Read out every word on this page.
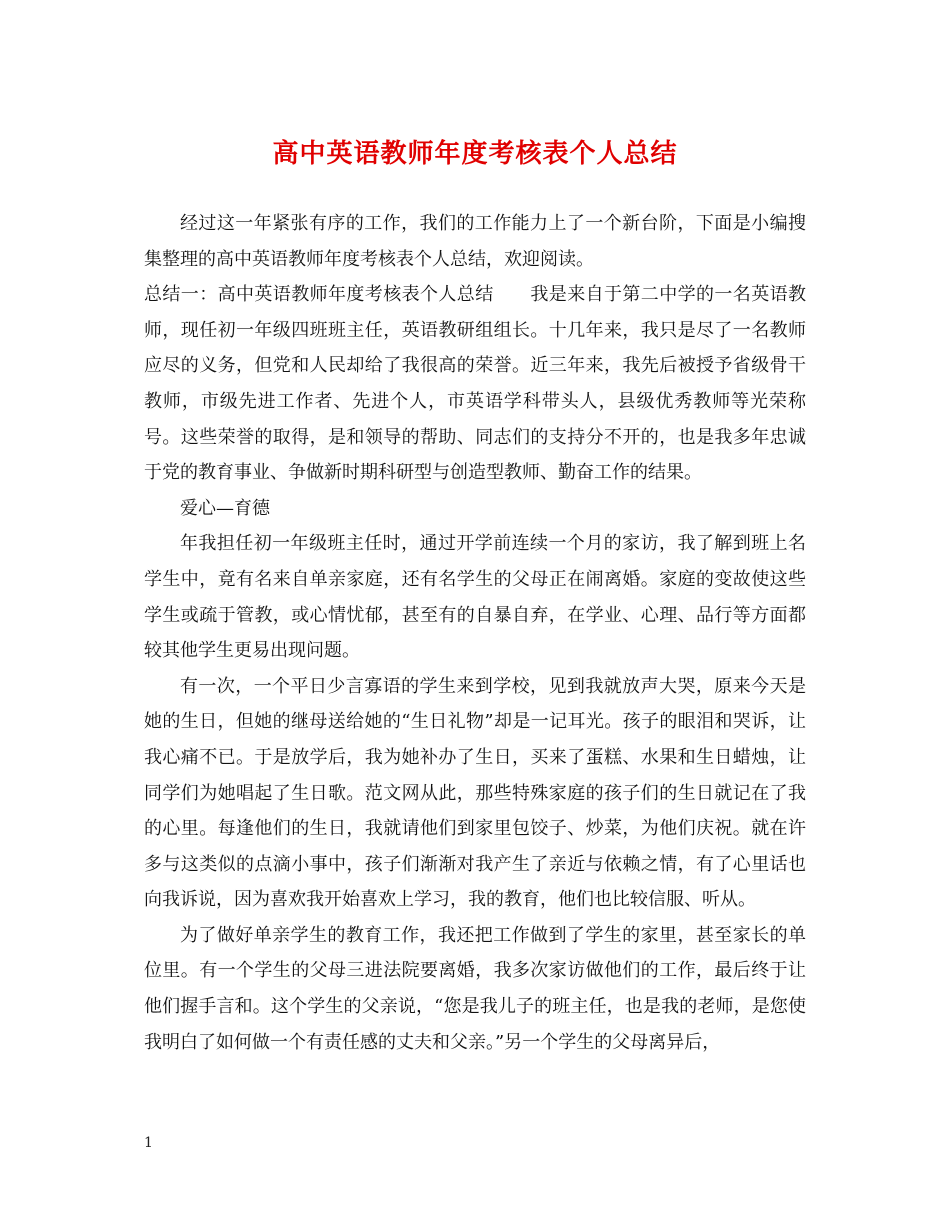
高中英语教师年度考核表个人总结

经过这一年紧张有序的工作，我们的工作能力上了一个新台阶，下面是小编搜集整理的高中英语教师年度考核表个人总结，欢迎阅读。

总结一：高中英语教师年度考核表个人总结　　我是来自于第二中学的一名英语教师，现任初一年级四班班主任，英语教研组组长。十几年来，我只是尽了一名教师应尽的义务，但党和人民却给了我很高的荣誉。近三年来，我先后被授予省级骨干教师，市级先进工作者、先进个人，市英语学科带头人，县级优秀教师等光荣称号。这些荣誉的取得，是和领导的帮助、同志们的支持分不开的，也是我多年忠诚于党的教育事业、争做新时期科研型与创造型教师、勤奋工作的结果。

爱心—育德

年我担任初一年级班主任时，通过开学前连续一个月的家访，我了解到班上名学生中，竟有名来自单亲家庭，还有名学生的父母正在闹离婚。家庭的变故使这些学生或疏于管教，或心情忧郁，甚至有的自暴自弃，在学业、心理、品行等方面都较其他学生更易出现问题。

有一次，一个平日少言寡语的学生来到学校，见到我就放声大哭，原来今天是她的生日，但她的继母送给她的“生日礼物”却是一记耳光。孩子的眼泪和哭诉，让我心痛不已。于是放学后，我为她补办了生日，买来了蛋糕、水果和生日蜡烛，让同学们为她唱起了生日歌。范文网从此，那些特殊家庭的孩子们的生日就记在了我的心里。每逢他们的生日，我就请他们到家里包饺子、炒菜，为他们庆祝。就在许多与这类似的点滴小事中，孩子们渐渐对我产生了亲近与依赖之情，有了心里话也向我诉说，因为喜欢我开始喜欢上学习，我的教育，他们也比较信服、听从。

为了做好单亲学生的教育工作，我还把工作做到了学生的家里，甚至家长的单位里。有一个学生的父母三进法院要离婚，我多次家访做他们的工作，最后终于让他们握手言和。这个学生的父亲说，“您是我儿子的班主任，也是我的老师，是您使我明白了如何做一个有责任感的丈夫和父亲。”另一个学生的父母离异后，

1
